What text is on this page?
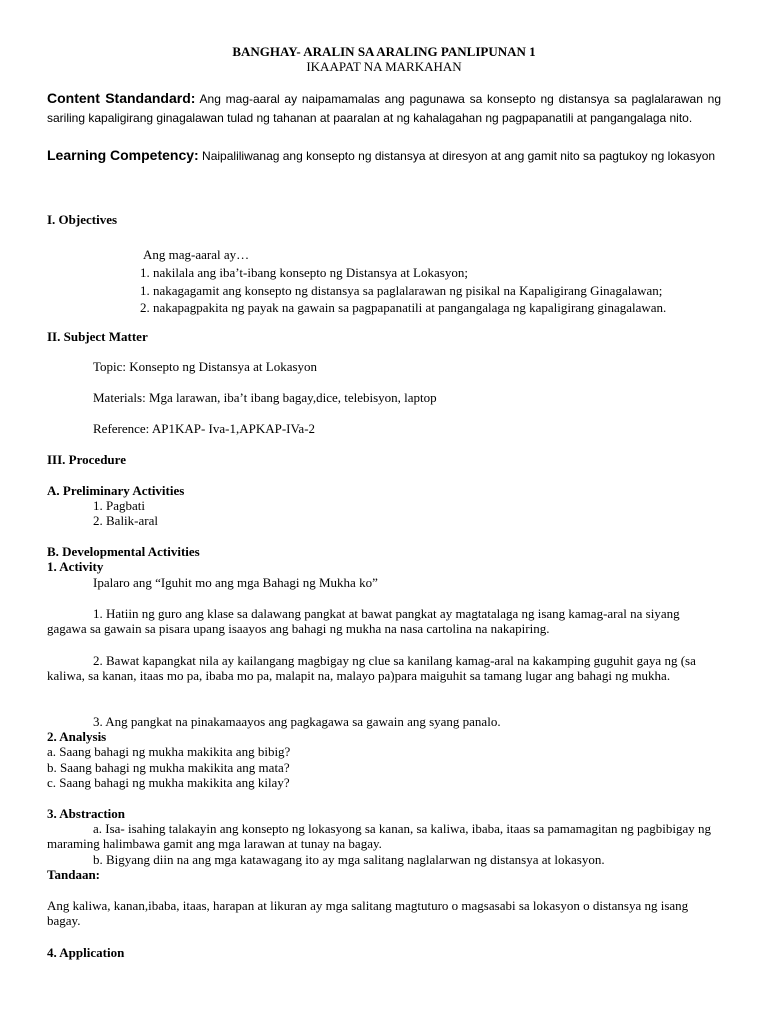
BANGHAY- ARALIN SA ARALING PANLIPUNAN 1
IKAAPAT NA MARKAHAN
Content Standandard: Ang mag-aaral ay naipamamalas ang pagunawa sa konsepto ng distansya sa paglalarawan ng sariling kapaligirang ginagalawan tulad ng tahanan at paaralan at ng kahalagahan ng pagpapanatili at pangangalaga nito.
Learning Competency: Naipaliliwanag ang konsepto ng distansya at diresyon at ang gamit nito sa pagtukoy ng lokasyon
I. Objectives
Ang mag-aaral ay…
1. nakilala ang iba’t-ibang konsepto ng Distansya at Lokasyon;
1. nakagagamit ang konsepto ng distansya sa paglalarawan ng pisikal na Kapaligirang Ginagalawan;
2. nakapagpakita ng payak na gawain sa pagpapanatili at pangangalaga ng kapaligirang ginagalawan.
II. Subject Matter
Topic: Konsepto ng Distansya at Lokasyon
Materials: Mga larawan, iba’t ibang bagay,dice, telebisyon, laptop
Reference: AP1KAP- Iva-1,APKAP-IVa-2
III. Procedure
A. Preliminary Activities
1. Pagbati
2. Balik-aral
B. Developmental Activities
1. Activity
Ipalaro ang “Iguhit mo ang mga Bahagi ng Mukha ko”
1. Hatiin ng guro ang klase sa dalawang pangkat at bawat pangkat ay magtatalaga ng isang kamag-aral na siyang gagawa sa gawain sa pisara upang isaayos ang bahagi ng mukha na nasa cartolina na nakapiring.
2. Bawat kapangkat nila ay kailangang magbigay ng clue sa kanilang kamag-aral na kakamping guguhit gaya ng (sa kaliwa, sa kanan, itaas mo pa, ibaba mo pa, malapit na, malayo pa)para maiguhit sa tamang lugar ang bahagi ng mukha.
3. Ang pangkat na pinakamaayos ang pagkagawa sa gawain ang syang panalo.
2. Analysis
a. Saang bahagi ng mukha makikita ang bibig?
b. Saang bahagi ng mukha makikita ang mata?
c. Saang bahagi ng mukha makikita ang kilay?
3. Abstraction
a. Isa- isahing talakayin ang konsepto ng lokasyong sa kanan, sa kaliwa, ibaba, itaas sa pamamagitan ng pagbibigay ng maraming halimbawa gamit ang mga larawan at tunay na bagay.
b. Bigyang diin na ang mga katawagang ito ay mga salitang naglalarwan ng distansya at lokasyon.
Tandaan:
Ang kaliwa, kanan,ibaba, itaas, harapan at likuran ay mga salitang magtuturo o magsasabi sa lokasyon o distansya ng isang bagay.
4. Application
